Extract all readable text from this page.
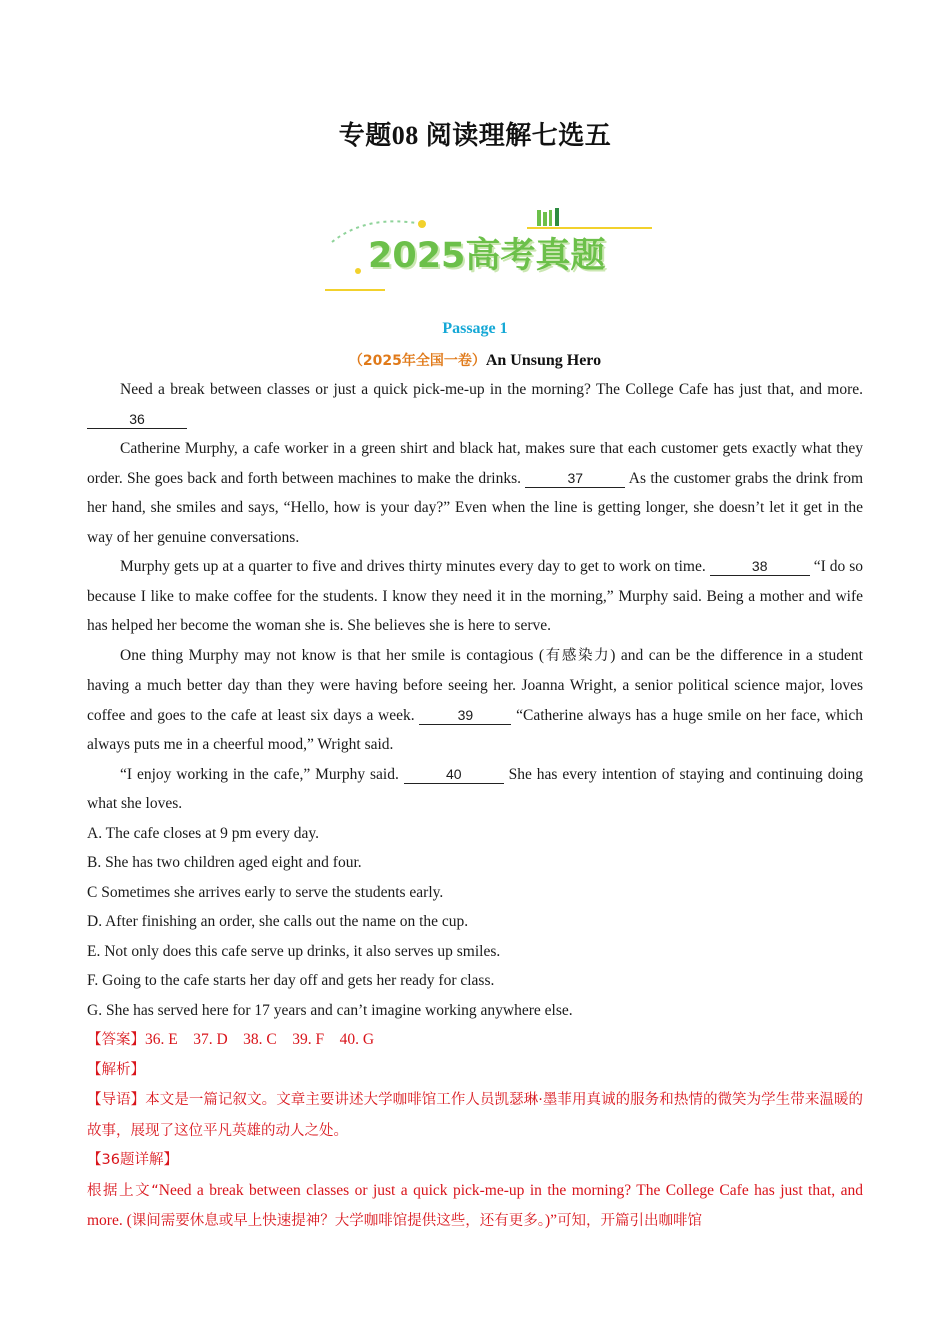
专题08 阅读理解七选五
2025高考真题
Passage 1
（2025年全国一卷）An Unsung Hero

Need a break between classes or just a quick pick-me-up in the morning? The College Cafe has just that, and more. 36

Catherine Murphy, a cafe worker in a green shirt and black hat, makes sure that each customer gets exactly what they order. She goes back and forth between machines to make the drinks.	37	As the customer grabs the drink from her hand, she smiles and says, “Hello, how is your day?” Even when the line is getting longer, she doesn’t let it get in the way of her genuine conversations.

Murphy gets up at a quarter to five and drives thirty minutes every day to get to work on time.	38	“I do so because I like to make coffee for the students. I know they need it in the morning,” Murphy said. Being a mother and wife has helped her become the woman she is. She believes she is here to serve.

One thing Murphy may not know is that her smile is contagious (有感染力) and can be the difference in a student having a much better day than they were having before seeing her. Joanna Wright, a senior political science major, loves coffee and goes to the cafe at least six days a week.	39	“Catherine always has a huge smile on her face, which always puts me in a cheerful mood,” Wright said.

“I enjoy working in the cafe,” Murphy said.	40	She has every intention of staying and continuing doing what she loves.

A. The cafe closes at 9 pm every day.

B. She has two children aged eight and four.

C Sometimes she arrives early to serve the students early.

D. After finishing an order, she calls out the name on the cup.

E. Not only does this cafe serve up drinks, it also serves up smiles.

F. Going to the cafe starts her day off and gets her ready for class.

G. She has served here for 17 years and can’t imagine working anywhere else.

【答案】36. E    37. D    38. C    39. F    40. G

【解析】

【导语】本文是一篇记叙文。文章主要讲述大学咖啡馆工作人员凯瑟琳·墨菲用真诚的服务和热情的微笑为学生带来温暖的故事，展现了这位平凡英雄的动人之处。

【36题详解】

根据上文“Need a break between classes or just a quick pick-me-up in the morning? The College Cafe has just that, and more. (课间需要休息或早上快速提神？大学咖啡馆提供这些，还有更多。)”可知，开篇引出咖啡馆
